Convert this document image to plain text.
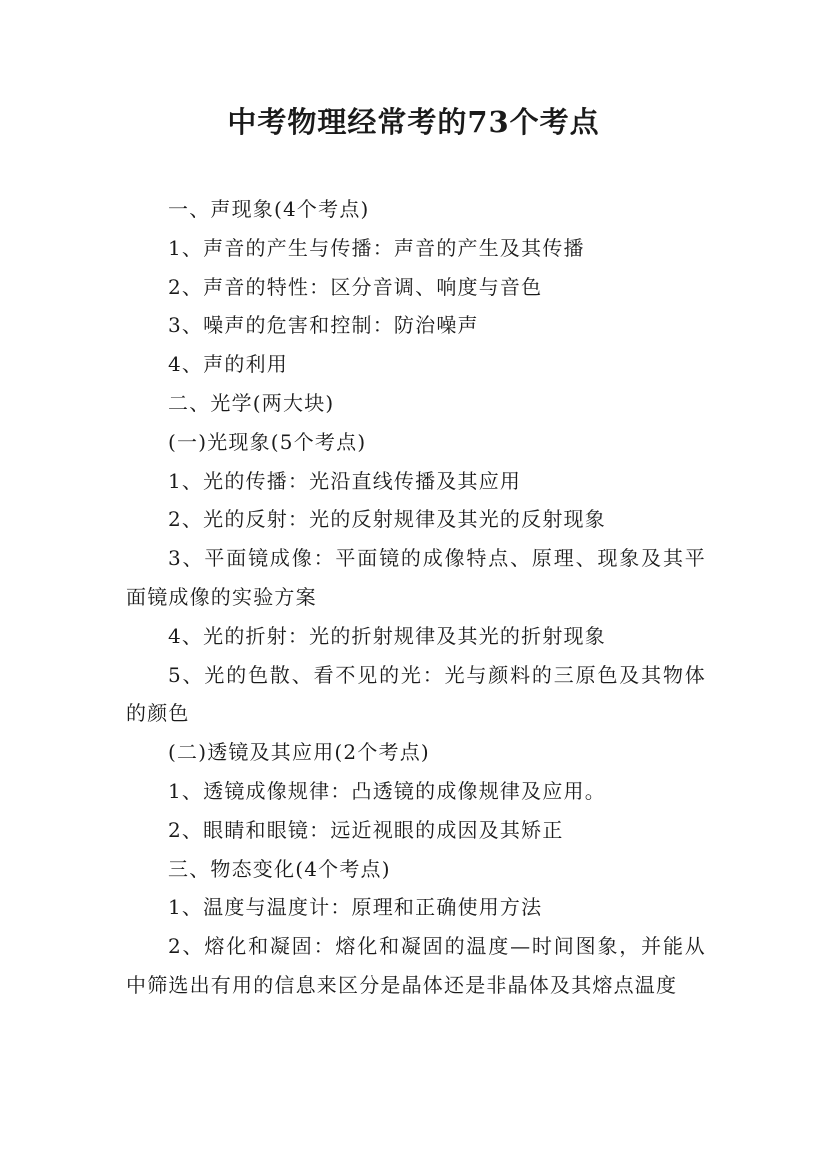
中考物理经常考的73个考点

一、声现象(4个考点)

1、声音的产生与传播：声音的产生及其传播

2、声音的特性：区分音调、响度与音色

3、噪声的危害和控制：防治噪声

4、声的利用

二、光学(两大块)

(一)光现象(5个考点)

1、光的传播：光沿直线传播及其应用

2、光的反射：光的反射规律及其光的反射现象

3、平面镜成像：平面镜的成像特点、原理、现象及其平面镜成像的实验方案

4、光的折射：光的折射规律及其光的折射现象

5、光的色散、看不见的光：光与颜料的三原色及其物体的颜色

(二)透镜及其应用(2个考点)

1、透镜成像规律：凸透镜的成像规律及应用。

2、眼睛和眼镜：远近视眼的成因及其矫正

三、物态变化(4个考点)

1、温度与温度计：原理和正确使用方法

2、熔化和凝固：熔化和凝固的温度—时间图象，并能从中筛选出有用的信息来区分是晶体还是非晶体及其熔点温度
